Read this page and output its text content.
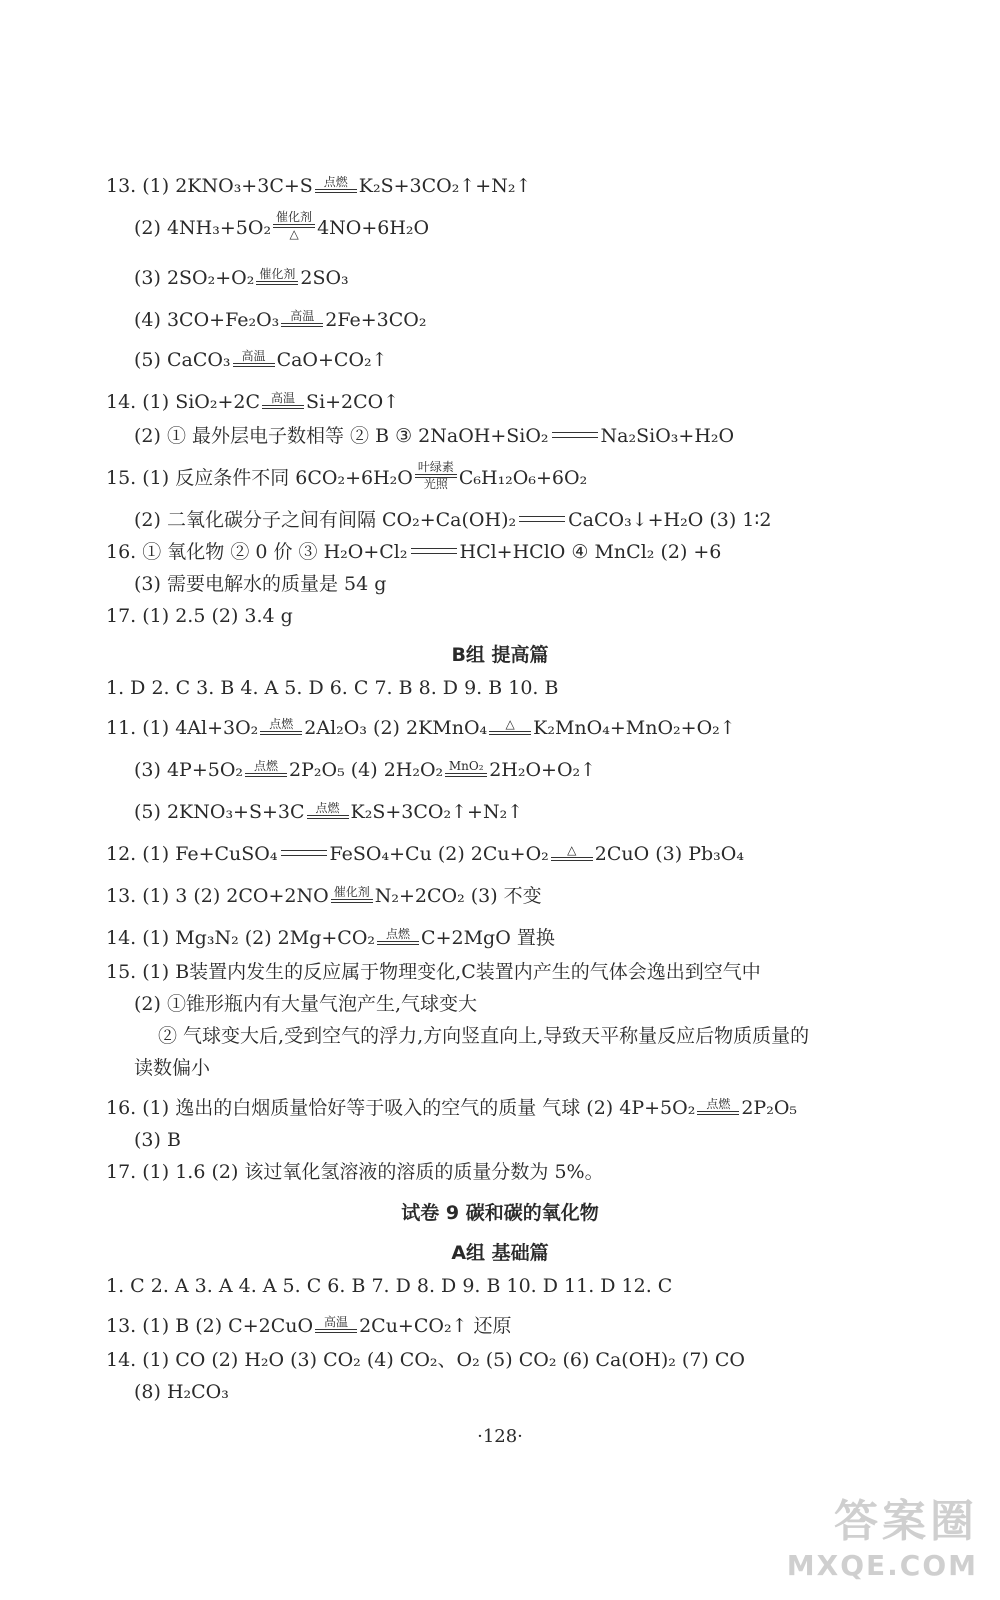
13. (1) 2KNO₃+3C+S 点燃 K₂S+3CO₂↑+N₂↑
(2) 4NH₃+5O₂ 催化剂
△ 4NO+6H₂O
(3) 2SO₂+O₂ 催化剂 2SO₃
(4) 3CO+Fe₂O₃ 高温 2Fe+3CO₂
(5) CaCO₃ 高温 CaO+CO₂↑
14. (1) SiO₂+2C 高温 Si+2CO↑
(2) ① 最外层电子数相等 ② B ③ 2NaOH+SiO₂	Na₂SiO₃+H₂O
15. (1) 反应条件不同 6CO₂+6H₂O 叶绿素
光照 C₆H₁₂O₆+6O₂
(2) 二氧化碳分子之间有间隔 CO₂+Ca(OH)₂	CaCO₃↓+H₂O (3) 1∶2
16. ① 氧化物 ② 0 价 ③ H₂O+Cl₂	HCl+HClO ④ MnCl₂ (2) +6
(3) 需要电解水的质量是 54 g
17. (1) 2.5 (2) 3.4 g
B组 提高篇
1. D 2. C 3. B 4. A 5. D 6. C 7. B 8. D 9. B 10. B
11. (1) 4Al+3O₂ 点燃 2Al₂O₃ (2) 2KMnO₄ △ K₂MnO₄+MnO₂+O₂↑
(3) 4P+5O₂ 点燃 2P₂O₅ (4) 2H₂O₂ MnO₂ 2H₂O+O₂↑
(5) 2KNO₃+S+3C 点燃 K₂S+3CO₂↑+N₂↑
12. (1) Fe+CuSO₄	FeSO₄+Cu (2) 2Cu+O₂ △ 2CuO (3) Pb₃O₄
13. (1) 3 (2) 2CO+2NO 催化剂 N₂+2CO₂ (3) 不变
14. (1) Mg₃N₂ (2) 2Mg+CO₂ 点燃 C+2MgO 置换
15. (1) B装置内发生的反应属于物理变化,C装置内产生的气体会逸出到空气中
(2) ①锥形瓶内有大量气泡产生,气球变大
② 气球变大后,受到空气的浮力,方向竖直向上,导致天平称量反应后物质质量的
读数偏小
16. (1) 逸出的白烟质量恰好等于吸入的空气的质量 气球 (2) 4P+5O₂ 点燃 2P₂O₅
(3) B
17. (1) 1.6 (2) 该过氧化氢溶液的溶质的质量分数为 5%。
试卷 9 碳和碳的氧化物
A组 基础篇
1. C 2. A 3. A 4. A 5. C 6. B 7. D 8. D 9. B 10. D 11. D 12. C
13. (1) B (2) C+2CuO 高温 2Cu+CO₂↑ 还原
14. (1) CO (2) H₂O (3) CO₂ (4) CO₂、O₂ (5) CO₂ (6) Ca(OH)₂ (7) CO
(8) H₂CO₃
·128·
答案圈
MXQE.COM
